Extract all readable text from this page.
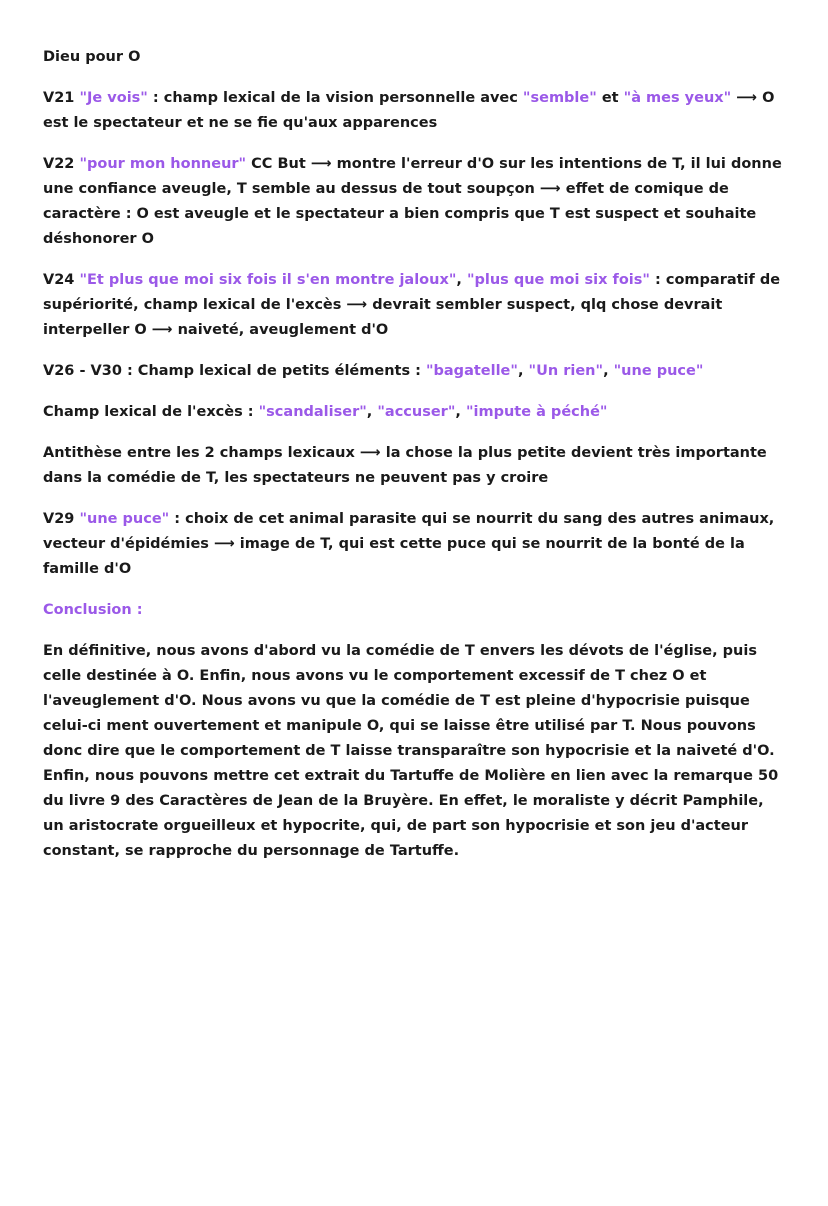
Dieu pour O
V21 "Je vois" : champ lexical de la vision personnelle avec "semble" et "à mes yeux" ⟶ O est le spectateur et ne se fie qu'aux apparences
V22 "pour mon honneur" CC But ⟶ montre l'erreur d'O sur les intentions de T, il lui donne une confiance aveugle, T semble au dessus de tout soupçon ⟶ effet de comique de caractère : O est aveugle et le spectateur a bien compris que T est suspect et souhaite déshonorer O
V24 "Et plus que moi six fois il s'en montre jaloux", "plus que moi six fois" : comparatif de supériorité, champ lexical de l'excès ⟶ devrait sembler suspect, qlq chose devrait interpeller O ⟶ naiveté, aveuglement d'O
V26 - V30 : Champ lexical de petits éléments : "bagatelle", "Un rien", "une puce"
Champ lexical de l'excès : "scandaliser", "accuser", "impute à péché"
Antithèse entre les 2 champs lexicaux ⟶ la chose la plus petite devient très importante dans la comédie de T, les spectateurs ne peuvent pas y croire
V29 "une puce" : choix de cet animal parasite qui se nourrit du sang des autres animaux, vecteur d'épidémies ⟶ image de T, qui est cette puce qui se nourrit de la bonté de la famille d'O
Conclusion :
En définitive, nous avons d'abord vu la comédie de T envers les dévots de l'église, puis celle destinée à O. Enfin, nous avons vu le comportement excessif de T chez O et l'aveuglement d'O. Nous avons vu que la comédie de T est pleine d'hypocrisie puisque celui-ci ment ouvertement et manipule O, qui se laisse être utilisé par T. Nous pouvons donc dire que le comportement de T laisse transparaître son hypocrisie et la naiveté d'O. Enfin, nous pouvons mettre cet extrait du Tartuffe de Molière en lien avec la remarque 50 du livre 9 des Caractères de Jean de la Bruyère. En effet, le moraliste y décrit Pamphile, un aristocrate orgueilleux et hypocrite, qui, de part son hypocrisie et son jeu d'acteur constant, se rapproche du personnage de Tartuffe.
